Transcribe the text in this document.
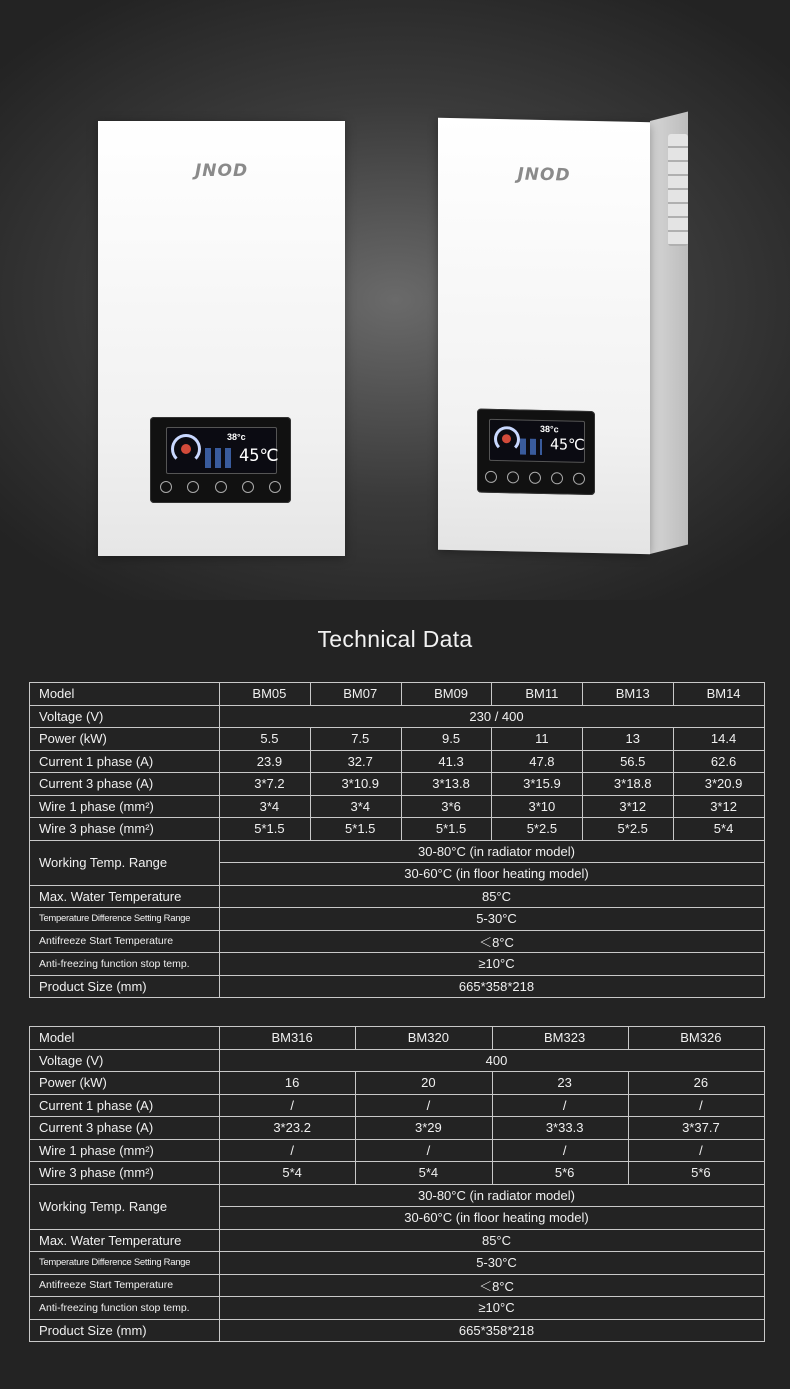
JNOD
38°c
45℃
JNOD
38°c
45℃
Technical Data
Model	BM05	BM07	BM09	BM11	BM13	BM14
Voltage (V)	230 / 400					
Power (kW)	5.5	7.5	9.5	11	13	14.4
Current 1 phase (A)	23.9	32.7	41.3	47.8	56.5	62.6
Current 3 phase (A)	3*7.2	3*10.9	3*13.8	3*15.9	3*18.8	3*20.9
Wire 1 phase (mm²)	3*4	3*4	3*6	3*10	3*12	3*12
Wire 3 phase (mm²)	5*1.5	5*1.5	5*1.5	5*2.5	5*2.5	5*4
Working Temp. Range	30-80°C (in radiator model)					
	30-60°C (in floor heating model)					
Max. Water Temperature	85°C					
Temperature Difference Setting Range	5-30°C					
Antifreeze Start Temperature	＜8°C					
Anti-freezing function stop temp.	≥10°C					
Product Size (mm)	665*358*218					
Model	BM316	BM320	BM323	BM326
Voltage (V)	400			
Power (kW)	16	20	23	26
Current 1 phase (A)	/	/	/	/
Current 3 phase (A)	3*23.2	3*29	3*33.3	3*37.7
Wire 1 phase (mm²)	/	/	/	/
Wire 3 phase (mm²)	5*4	5*4	5*6	5*6
Working Temp. Range	30-80°C (in radiator model)			
	30-60°C (in floor heating model)			
Max. Water Temperature	85°C			
Temperature Difference Setting Range	5-30°C			
Antifreeze Start Temperature	＜8°C			
Anti-freezing function stop temp.	≥10°C			
Product Size (mm)	665*358*218			
